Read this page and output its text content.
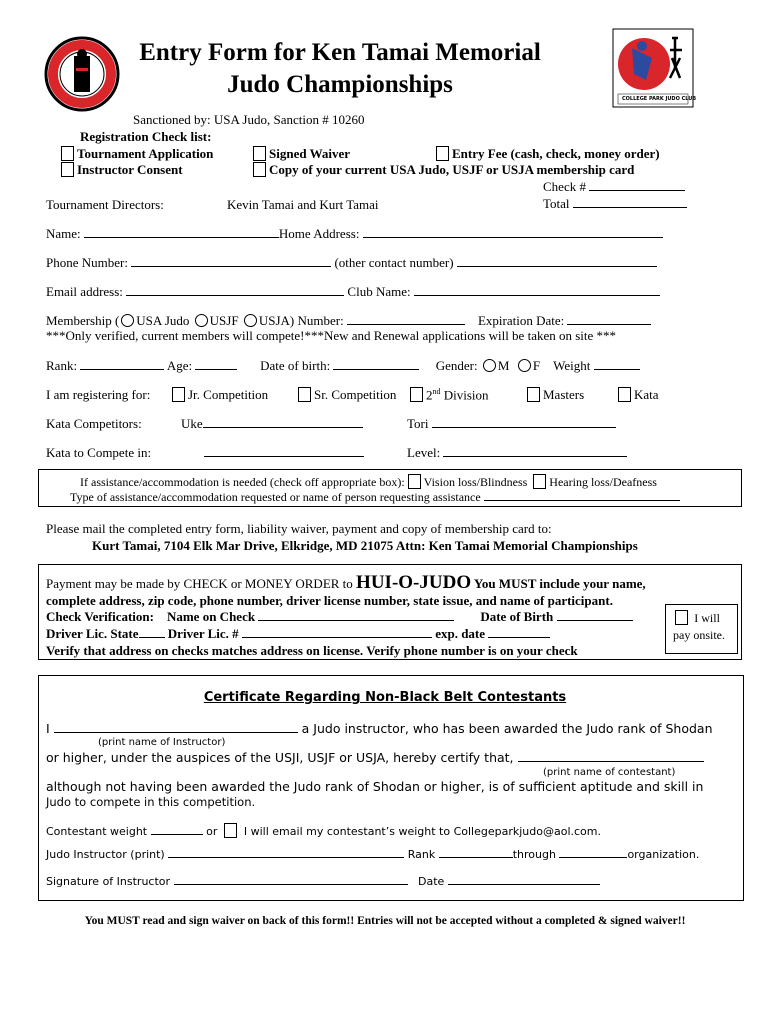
Entry Form for Ken Tamai Memorial
Judo Championships
COLLEGE PARK JUDO CLUB
Sanctioned by: USA Judo, Sanction # 10260
Registration Check list:
Tournament Application	Signed Waiver	Entry Fee (cash, check, money order)
Instructor Consent	Copy of your current USA Judo, USJF or USJA membership card
Check #
Total
Tournament Directors:	Kevin Tamai and Kurt Tamai
Name:	Home Address:
Phone Number:	(other contact number)
Email address:	Club Name:
Membership ( USA Judo USJF USJA) Number:	Expiration Date:
***Only verified, current members will compete!***New and Renewal applications will be taken on site ***
Rank:	Age:	Date of birth:	Gender: M F Weight
I am registering for:	Jr. Competition	Sr. Competition	2nd Division	Masters	Kata
Kata Competitors:	Uke	Tori
Kata to Compete in:	Level:
If assistance/accommodation is needed (check off appropriate box): Vision loss/Blindness Hearing loss/Deafness
Type of assistance/accommodation requested or name of person requesting assistance
Please mail the completed entry form, liability waiver, payment and copy of membership card to:
Kurt Tamai, 7104 Elk Mar Drive, Elkridge, MD 21075 Attn: Ken Tamai Memorial Championships
Payment may be made by CHECK or MONEY ORDER to HUI-O-JUDO You MUST include your name,
complete address, zip code, phone number, driver license number, state issue, and name of participant.
Check Verification: Name on Check	Date of Birth
Driver Lic. State Driver Lic. #	exp. date
Verify that address on checks matches address on license. Verify phone number is on your check
I will
pay onsite.
Certificate Regarding Non-Black Belt Contestants
I	a Judo instructor, who has been awarded the Judo rank of Shodan
(print name of Instructor)
or higher, under the auspices of the USJI, USJF or USJA, hereby certify that,
(print name of contestant)
although not having been awarded the Judo rank of Shodan or higher, is of sufficient aptitude and skill in
Judo to compete in this competition.
Contestant weight	or I will email my contestant’s weight to Collegeparkjudo@aol.com.
Judo Instructor (print)	Rank	through	organization.
Signature of Instructor	Date
You MUST read and sign waiver on back of this form!! Entries will not be accepted without a completed & signed waiver!!
